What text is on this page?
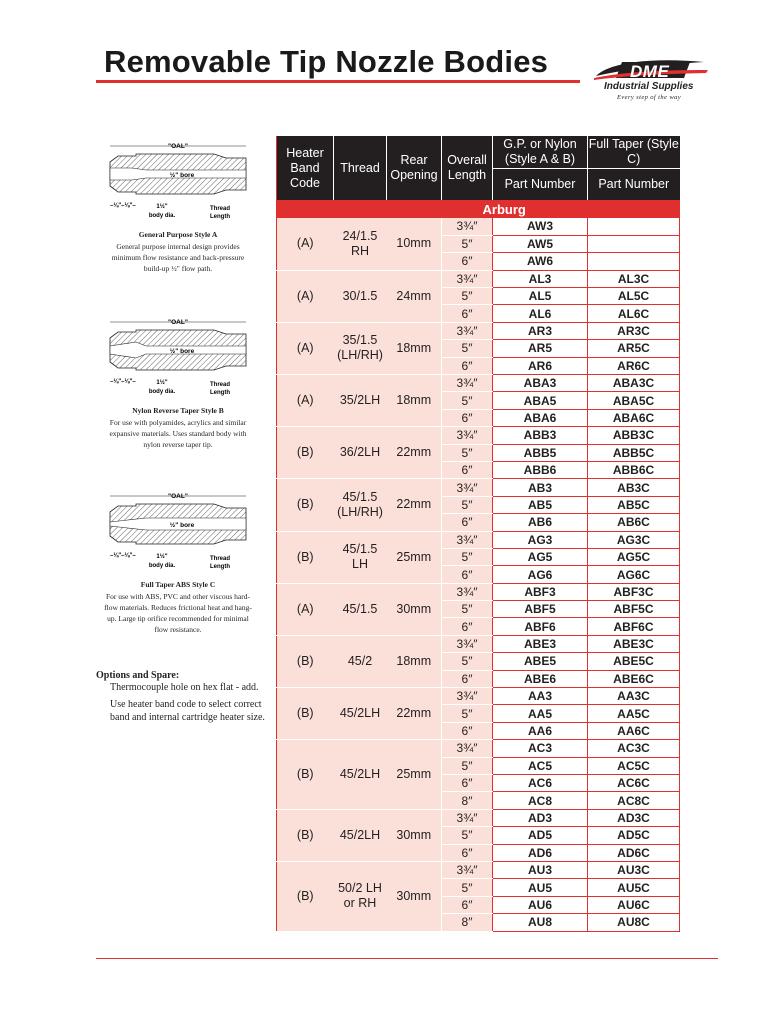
Removable Tip Nozzle Bodies	DME
Industrial Supplies
Every step of the way
"OAL"
½" bore
–⅛"–⅛"–	1½"
body dia.
Thread
Length
General Purpose Style A
General purpose internal design provides minimum flow resistance and back-pressure build-up ½" flow path.
"OAL"
½" bore
–⅛"–⅛"–	1½"
body dia.
Thread
Length
Nylon Reverse Taper Style B
For use with polyamides, acrylics and similar expansive materials. Uses standard body with nylon reverse taper tip.
"OAL"
½" bore
–⅛"–⅛"–	1½"
body dia.
Thread
Length
Full Taper ABS Style C
For use with ABS, PVC and other viscous hard-flow materials. Reduces frictional heat and hang-up. Large tip orifice recommended for minimal flow resistance.
Options and Spare:
Thermocouple hole on hex flat - add.
Use heater band code to select correct band and internal cartridge heater size.
Heater Band Code	Thread	Rear Opening	Overall Length	G.P. or Nylon (Style A & B)	Full Taper (Style C)
				Part Number	Part Number
				Arburg	
(A)	24/1.5 RH	10mm	3¾″	AW3	
			5″	AW5	
			6″	AW6	
(A)	30/1.5	24mm	3¾″	AL3	AL3C
			5″	AL5	AL5C
			6″	AL6	AL6C
(A)	35/1.5 (LH/RH)	18mm	3¾″	AR3	AR3C
			5″	AR5	AR5C
			6″	AR6	AR6C
(A)	35/2LH	18mm	3¾″	ABA3	ABA3C
			5″	ABA5	ABA5C
			6″	ABA6	ABA6C
(B)	36/2LH	22mm	3¾″	ABB3	ABB3C
			5″	ABB5	ABB5C
			6″	ABB6	ABB6C
(B)	45/1.5 (LH/RH)	22mm	3¾″	AB3	AB3C
			5″	AB5	AB5C
			6″	AB6	AB6C
(B)	45/1.5 LH	25mm	3¾″	AG3	AG3C
			5″	AG5	AG5C
			6″	AG6	AG6C
(A)	45/1.5	30mm	3¾″	ABF3	ABF3C
			5″	ABF5	ABF5C
			6″	ABF6	ABF6C
(B)	45/2	18mm	3¾″	ABE3	ABE3C
			5″	ABE5	ABE5C
			6″	ABE6	ABE6C
(B)	45/2LH	22mm	3¾″	AA3	AA3C
			5″	AA5	AA5C
			6″	AA6	AA6C
(B)	45/2LH	25mm	3¾″	AC3	AC3C
			5″	AC5	AC5C
			6″	AC6	AC6C
			8″	AC8	AC8C
(B)	45/2LH	30mm	3¾″	AD3	AD3C
			5″	AD5	AD5C
			6″	AD6	AD6C
(B)	50/2 LH or RH	30mm	3¾″	AU3	AU3C
			5″	AU5	AU5C
			6″	AU6	AU6C
			8″	AU8	AU8C
